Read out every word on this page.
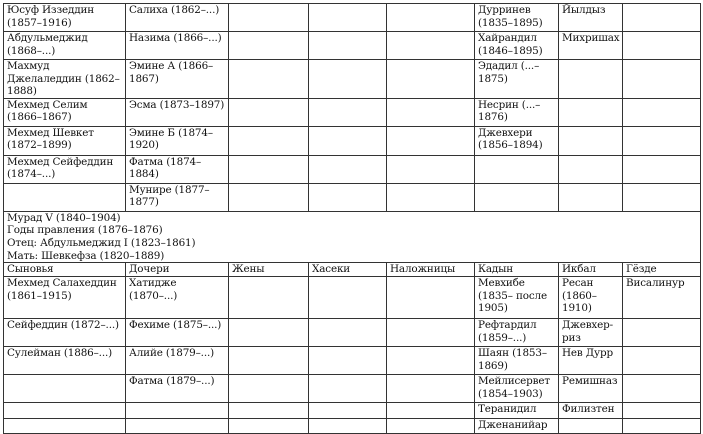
Юсуф Иззеддин (1857–1916)	Салиха (1862–...)				Дурринев (1835–1895)	Йылдыз	
Абдульмеджид (1868–...)	Назима (1866–...)				Хайрандил (1846–1895)	Михришах	
Махмуд Джелаледдин (1862–1888)	Эмине А (1866–1867)				Эдадил (...–1875)		
Мехмед Селим (1866–1867)	Эсма (1873–1897)				Несрин (...–1876)		
Мехмед Шевкет (1872–1899)	Эмине Б (1874–1920)				Джевхери (1856–1894)		
Мехмед Сейфеддин (1874–...)	Фатма (1874–1884)						
	Мунире (1877–1877)						

Мурад V (1840–1904)
Годы правления (1876–1876)
Отец: Абдульмеджид I (1823–1861)
Мать: Шевкефза (1820–1889)							

Сыновья	Дочери	Жены	Хасеки	Наложницы	Кадын	Икбал	Гёзде
Мехмед Салахеддин (1861–1915)	Хатидже (1870–...)				Мевхибе (1835– после 1905)	Ресан (1860–1910)	Висалинур
Сейфеддин (1872–...)	Фехиме (1875–...)				Рефтардил (1859–...)	Джевхер-риз	
Сулейман (1886–...)	Алийе (1879–...)				Шаян (1853–1869)	Нев Дурр	
	Фатма (1879–...)				Мейлисервет (1854–1903)	Ремишназ	
					Теранидил	Филизтен	
					Дженанийар		
